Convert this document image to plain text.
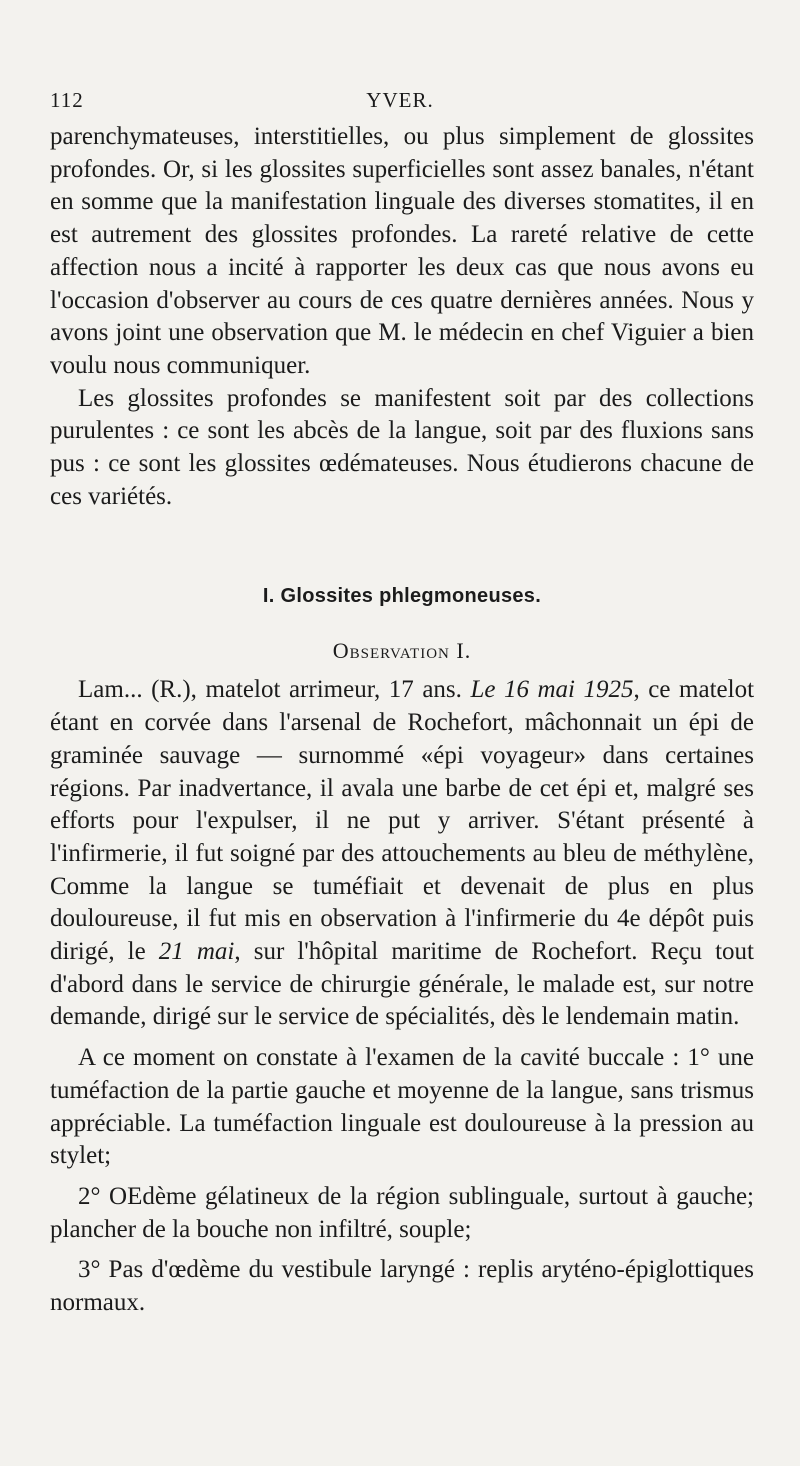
112	YVER.

parenchymateuses, interstitielles, ou plus simplement de glossites profondes. Or, si les glossites superficielles sont assez banales, n'étant en somme que la manifestation linguale des diverses stomatites, il en est autrement des glossites profondes. La rareté relative de cette affection nous a incité à rapporter les deux cas que nous avons eu l'occasion d'observer au cours de ces quatre dernières années. Nous y avons joint une observation que M. le médecin en chef Viguier a bien voulu nous communiquer.

Les glossites profondes se manifestent soit par des collections purulentes : ce sont les abcès de la langue, soit par des fluxions sans pus : ce sont les glossites œdémateuses. Nous étudierons chacune de ces variétés.

I. Glossites phlegmoneuses.
Observation I.

Lam... (R.), matelot arrimeur, 17 ans. Le 16 mai 1925, ce matelot étant en corvée dans l'arsenal de Rochefort, mâchonnait un épi de graminée sauvage — surnommé «épi voyageur» dans certaines régions. Par inadvertance, il avala une barbe de cet épi et, malgré ses efforts pour l'expulser, il ne put y arriver. S'étant présenté à l'infirmerie, il fut soigné par des attouchements au bleu de méthylène, Comme la langue se tuméfiait et devenait de plus en plus douloureuse, il fut mis en observation à l'infirmerie du 4e dépôt puis dirigé, le 21 mai, sur l'hôpital maritime de Rochefort. Reçu tout d'abord dans le service de chirurgie générale, le malade est, sur notre demande, dirigé sur le service de spécialités, dès le lendemain matin.

A ce moment on constate à l'examen de la cavité buccale : 1° une tuméfaction de la partie gauche et moyenne de la langue, sans trismus appréciable. La tuméfaction linguale est douloureuse à la pression au stylet;

2° OEdème gélatineux de la région sublinguale, surtout à gauche; plancher de la bouche non infiltré, souple;

3° Pas d'œdème du vestibule laryngé : replis aryténo-épiglottiques normaux.
